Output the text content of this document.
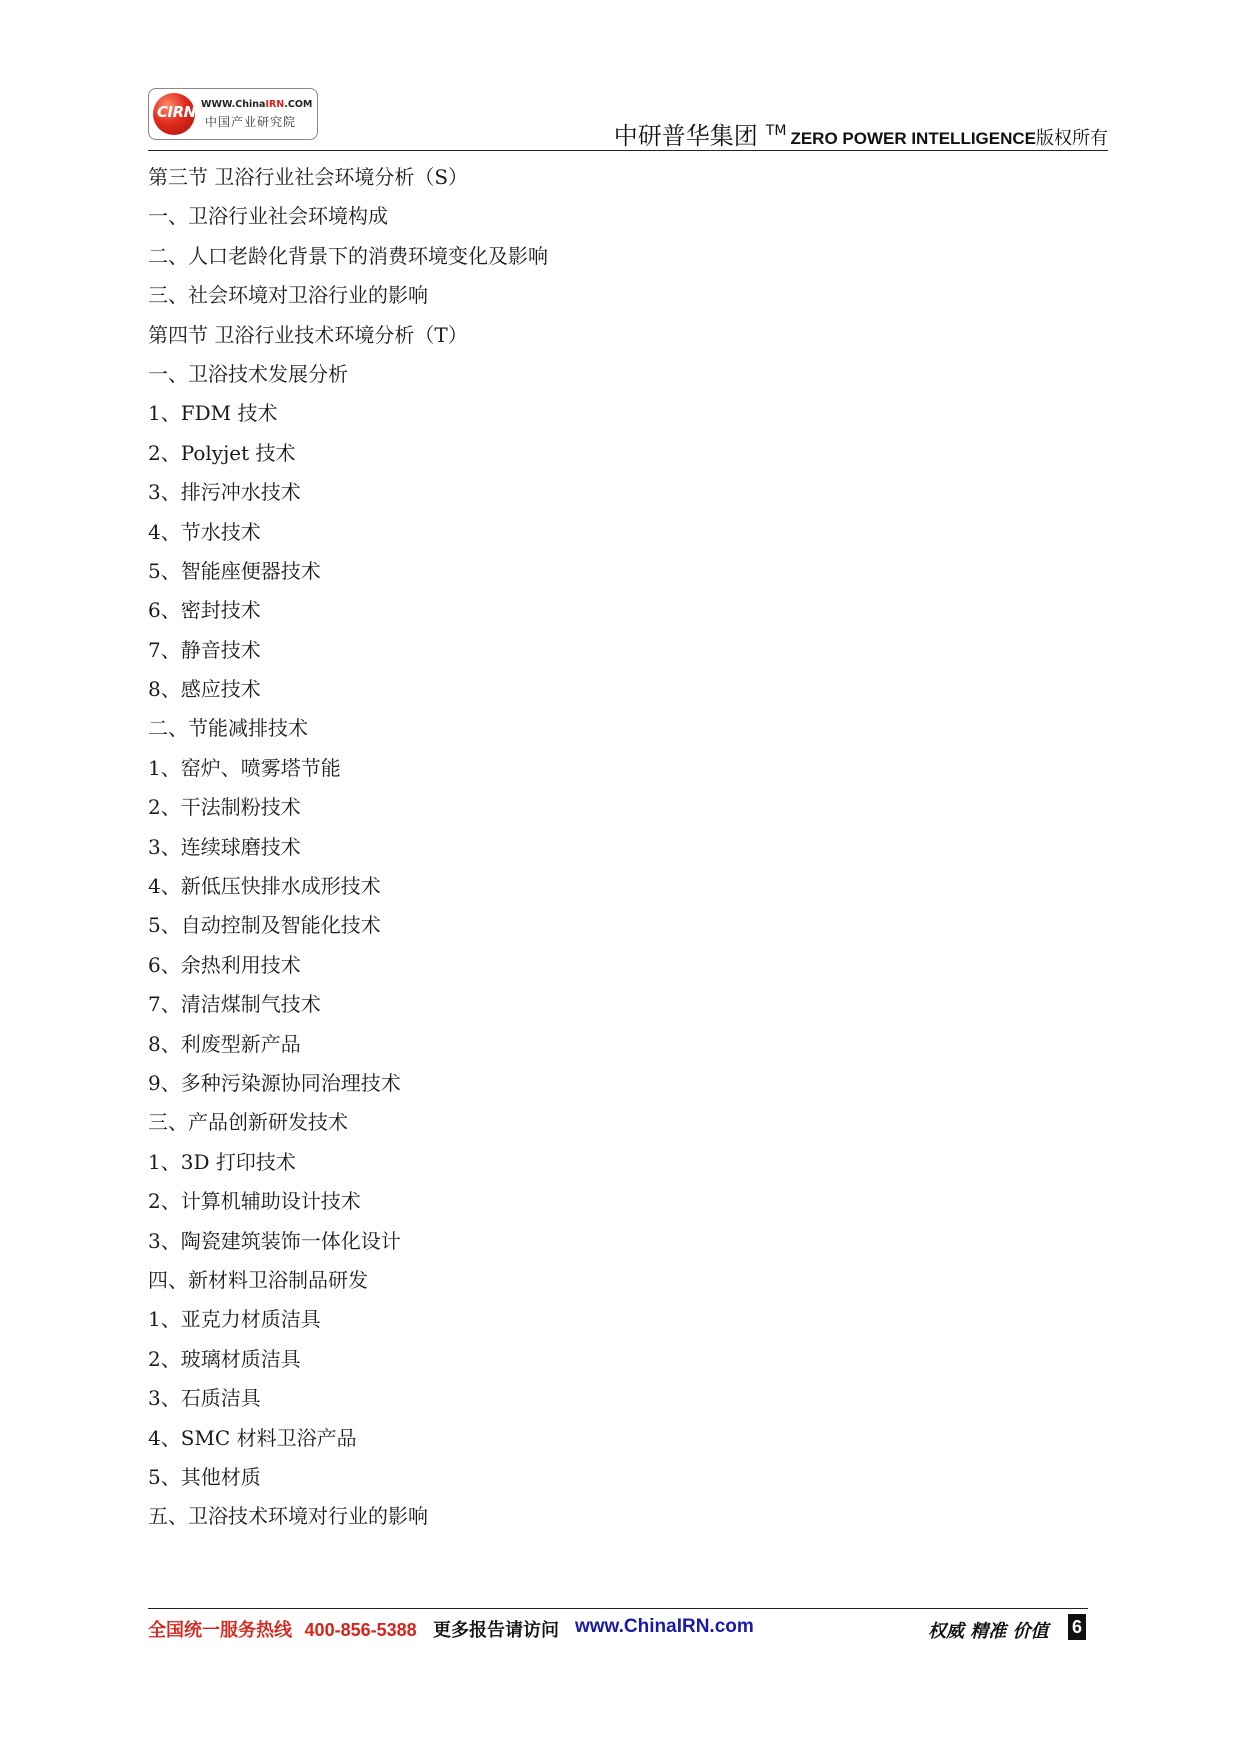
CIRN WWW.ChinaIRN.COM
中国产业研究院	中研普华集团 TM ZERO POWER INTELLIGENCE版权所有
第三节 卫浴行业社会环境分析（S）
一、卫浴行业社会环境构成
二、人口老龄化背景下的消费环境变化及影响
三、社会环境对卫浴行业的影响
第四节 卫浴行业技术环境分析（T）
一、卫浴技术发展分析
1、FDM 技术
2、Polyjet 技术
3、排污冲水技术
4、节水技术
5、智能座便器技术
6、密封技术
7、静音技术
8、感应技术
二、节能减排技术
1、窑炉、喷雾塔节能
2、干法制粉技术
3、连续球磨技术
4、新低压快排水成形技术
5、自动控制及智能化技术
6、余热利用技术
7、清洁煤制气技术
8、利废型新产品
9、多种污染源协同治理技术
三、产品创新研发技术
1、3D 打印技术
2、计算机辅助设计技术
3、陶瓷建筑装饰一体化设计
四、新材料卫浴制品研发
1、亚克力材质洁具
2、玻璃材质洁具
3、石质洁具
4、SMC 材料卫浴产品
5、其他材质
五、卫浴技术环境对行业的影响
全国统一服务热线 400-856-5388 更多报告请访问 www.ChinaIRN.com	权威 精准 价值 6
